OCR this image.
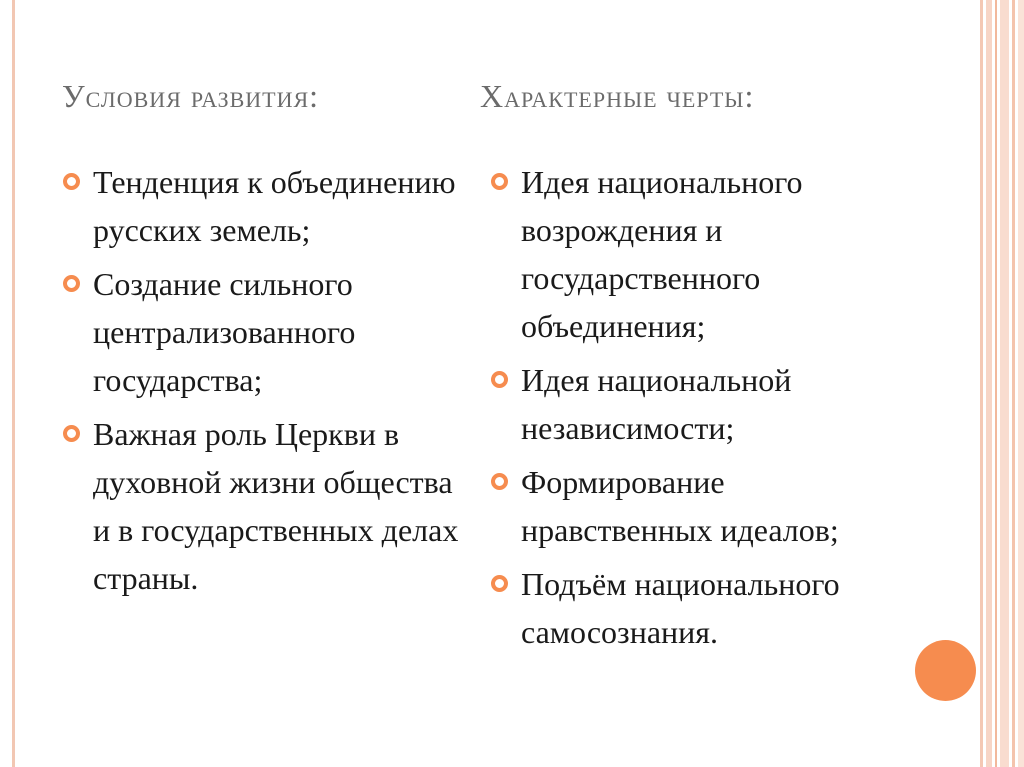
Условия развития:	Характерные черты:
Тенденция к объединению русских земель;
Создание сильного централизованного государства;
Важная роль Церкви в духовной жизни общества и в государственных делах страны.
Идея национального возрождения и государственного объединения;
Идея национальной независимости;
Формирование нравственных идеалов;
Подъём национального самосознания.
